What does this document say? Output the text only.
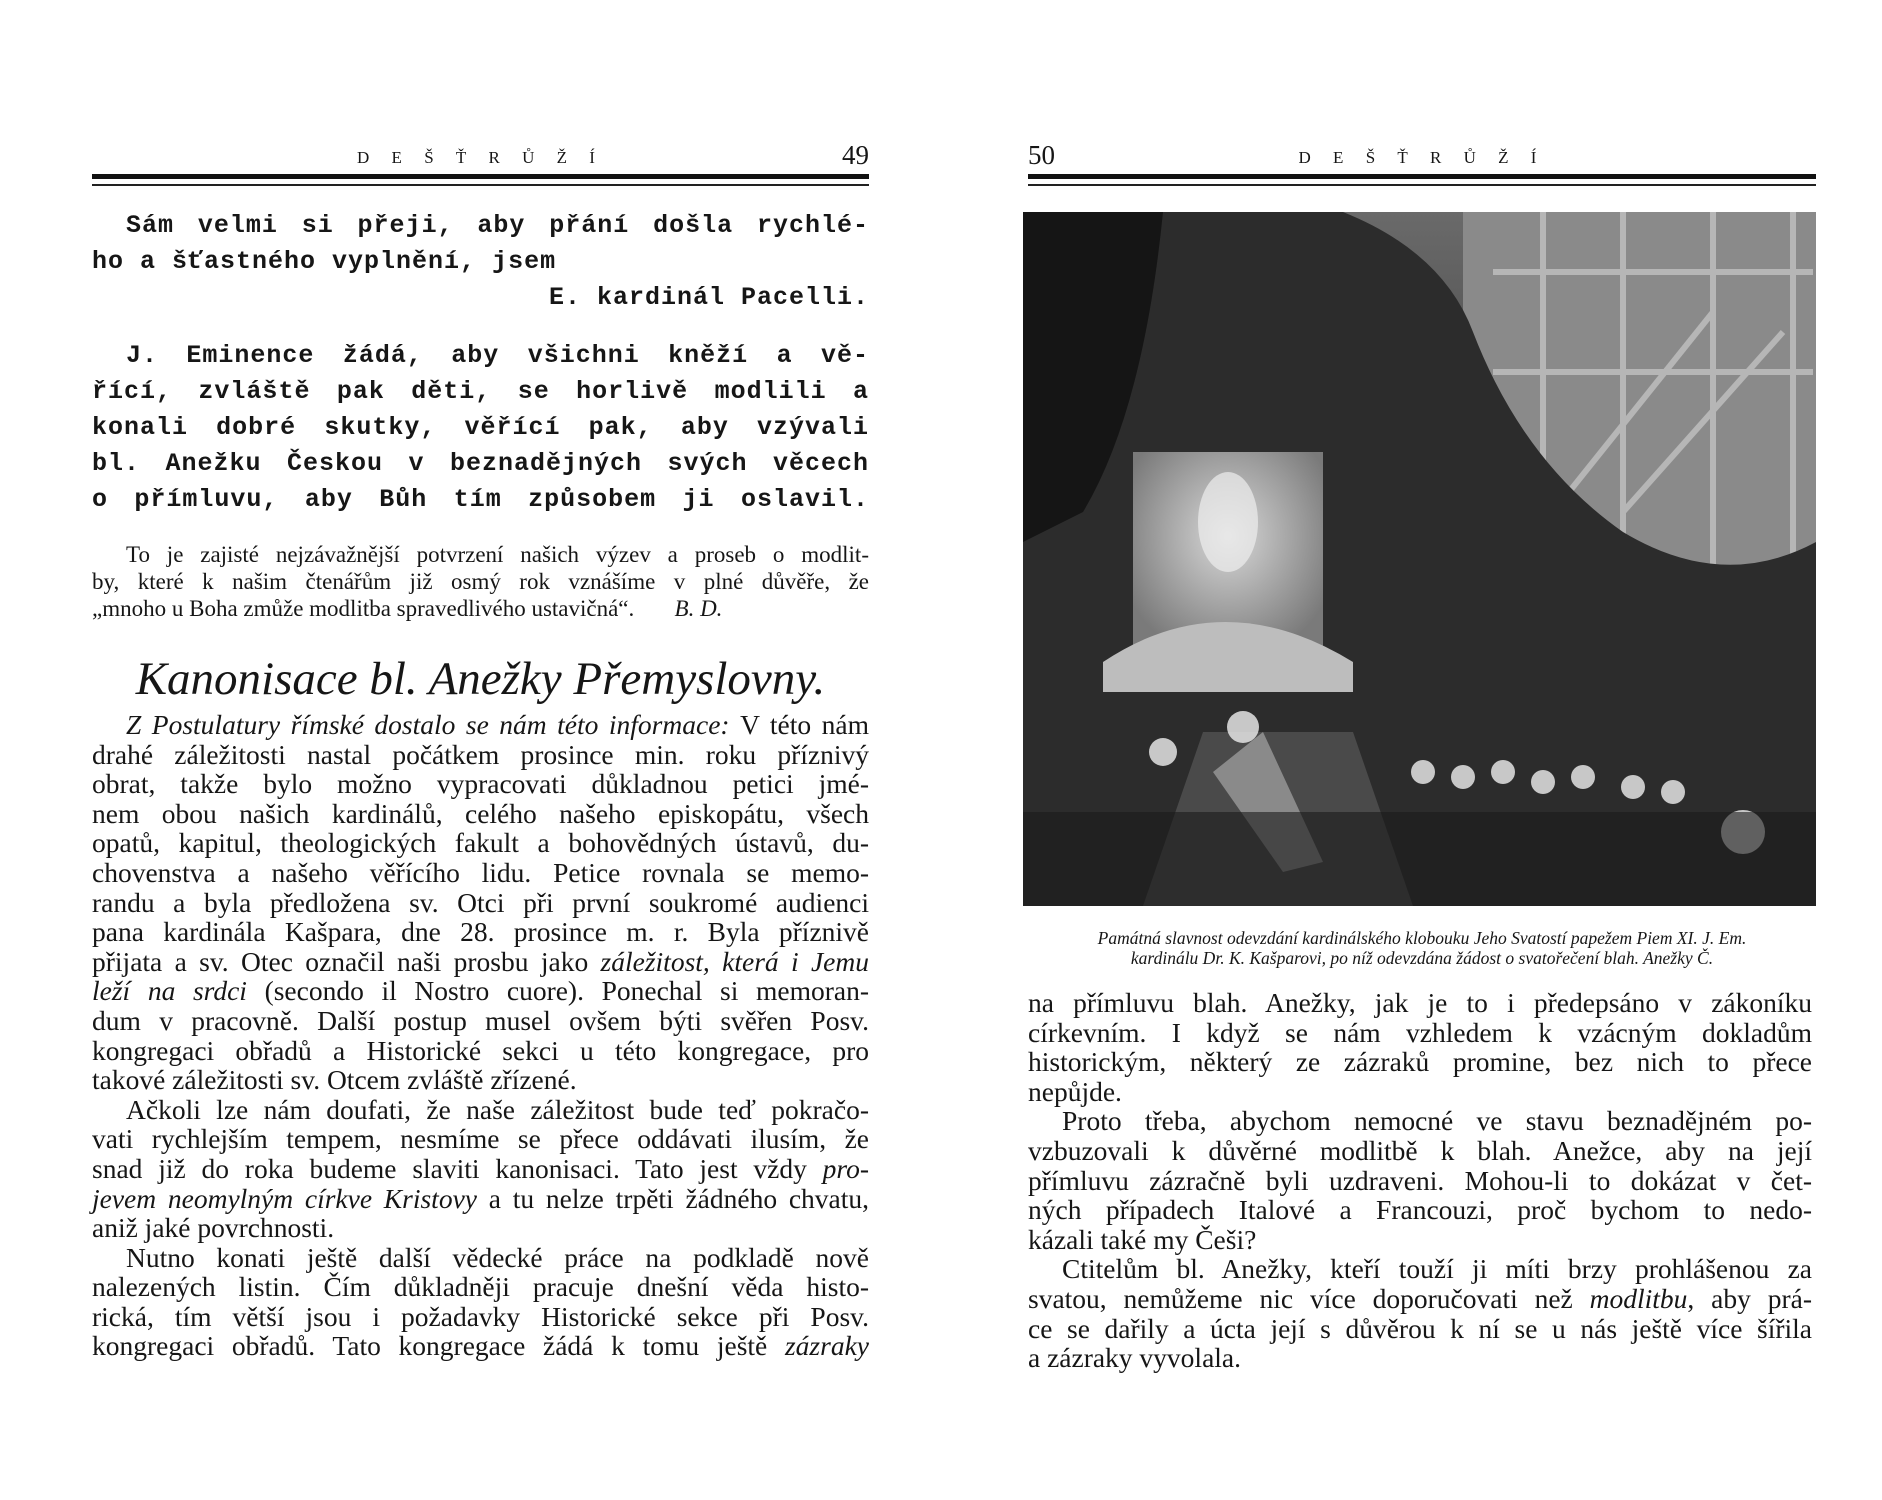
D E Š Ť R Ů Ž Í	49
Sám velmi si přeji, aby přání došla rychlé-
ho a šťastného vyplnění, jsem
E. kardinál Pacelli.
J. Eminence žádá, aby všichni kněží a vě-
řící, zvláště pak děti, se horlivě modlili a
konali dobré skutky, věřící pak, aby vzývali
bl. Anežku Českou v beznadějných svých věcech
o přímluvu, aby Bůh tím způsobem ji oslavil.
To je zajisté nejzávažnější potvrzení našich výzev a proseb o modlit-
by, které k našim čtenářům již osmý rok vznášíme v plné důvěře, že
„mnoho u Boha zmůže modlitba spravedlivého ustavičná“.       B. D.
Kanonisace bl. Anežky Přemyslovny.
Z Postulatury římské dostalo se nám této informace: V této nám
drahé záležitosti nastal počátkem prosince min. roku příznivý
obrat, takže bylo možno vypracovati důkladnou petici jmé-
nem obou našich kardinálů, celého našeho episkopátu, všech
opatů, kapitul, theologických fakult a bohovědných ústavů, du-
chovenstva a našeho věřícího lidu. Petice rovnala se memo-
randu a byla předložena sv. Otci při první soukromé audienci
pana kardinála Kašpara, dne 28. prosince m. r. Byla příznivě
přijata a sv. Otec označil naši prosbu jako záležitost, která i Jemu
leží na srdci (secondo il Nostro cuore). Ponechal si memoran-
dum v pracovně. Další postup musel ovšem býti svěřen Posv.
kongregaci obřadů a Historické sekci u této kongregace, pro
takové záležitosti sv. Otcem zvláště zřízené.
Ačkoli lze nám doufati, že naše záležitost bude teď pokračo-
vati rychlejším tempem, nesmíme se přece oddávati ilusím, že
snad již do roka budeme slaviti kanonisaci. Tato jest vždy pro-
jevem neomylným církve Kristovy a tu nelze trpěti žádného chvatu,
aniž jaké povrchnosti.
Nutno konati ještě další vědecké práce na podkladě nově
nalezených listin. Čím důkladněji pracuje dnešní věda histo-
rická, tím větší jsou i požadavky Historické sekce při Posv.
kongregaci obřadů. Tato kongregace žádá k tomu ještě zázraky
50	D E Š Ť R Ů Ž Í
Památná slavnost odevzdání kardinálského klobouku Jeho Svatostí papežem Piem XI. J. Em.
kardinálu Dr. K. Kašparovi, po níž odevzdána žádost o svatořečení blah. Anežky Č.
na přímluvu blah. Anežky, jak je to i předepsáno v zákoníku
církevním. I když se nám vzhledem k vzácným dokladům
historickým, některý ze zázraků promine, bez nich to přece
nepůjde.
Proto třeba, abychom nemocné ve stavu beznadějném po-
vzbuzovali k důvěrné modlitbě k blah. Anežce, aby na její
přímluvu zázračně byli uzdraveni. Mohou-li to dokázat v čet-
ných případech Italové a Francouzi, proč bychom to nedo-
kázali také my Češi?
Ctitelům bl. Anežky, kteří touží ji míti brzy prohlášenou za
svatou, nemůžeme nic více doporučovati než modlitbu, aby prá-
ce se dařily a úcta její s důvěrou k ní se u nás ještě více šířila
a zázraky vyvolala.
